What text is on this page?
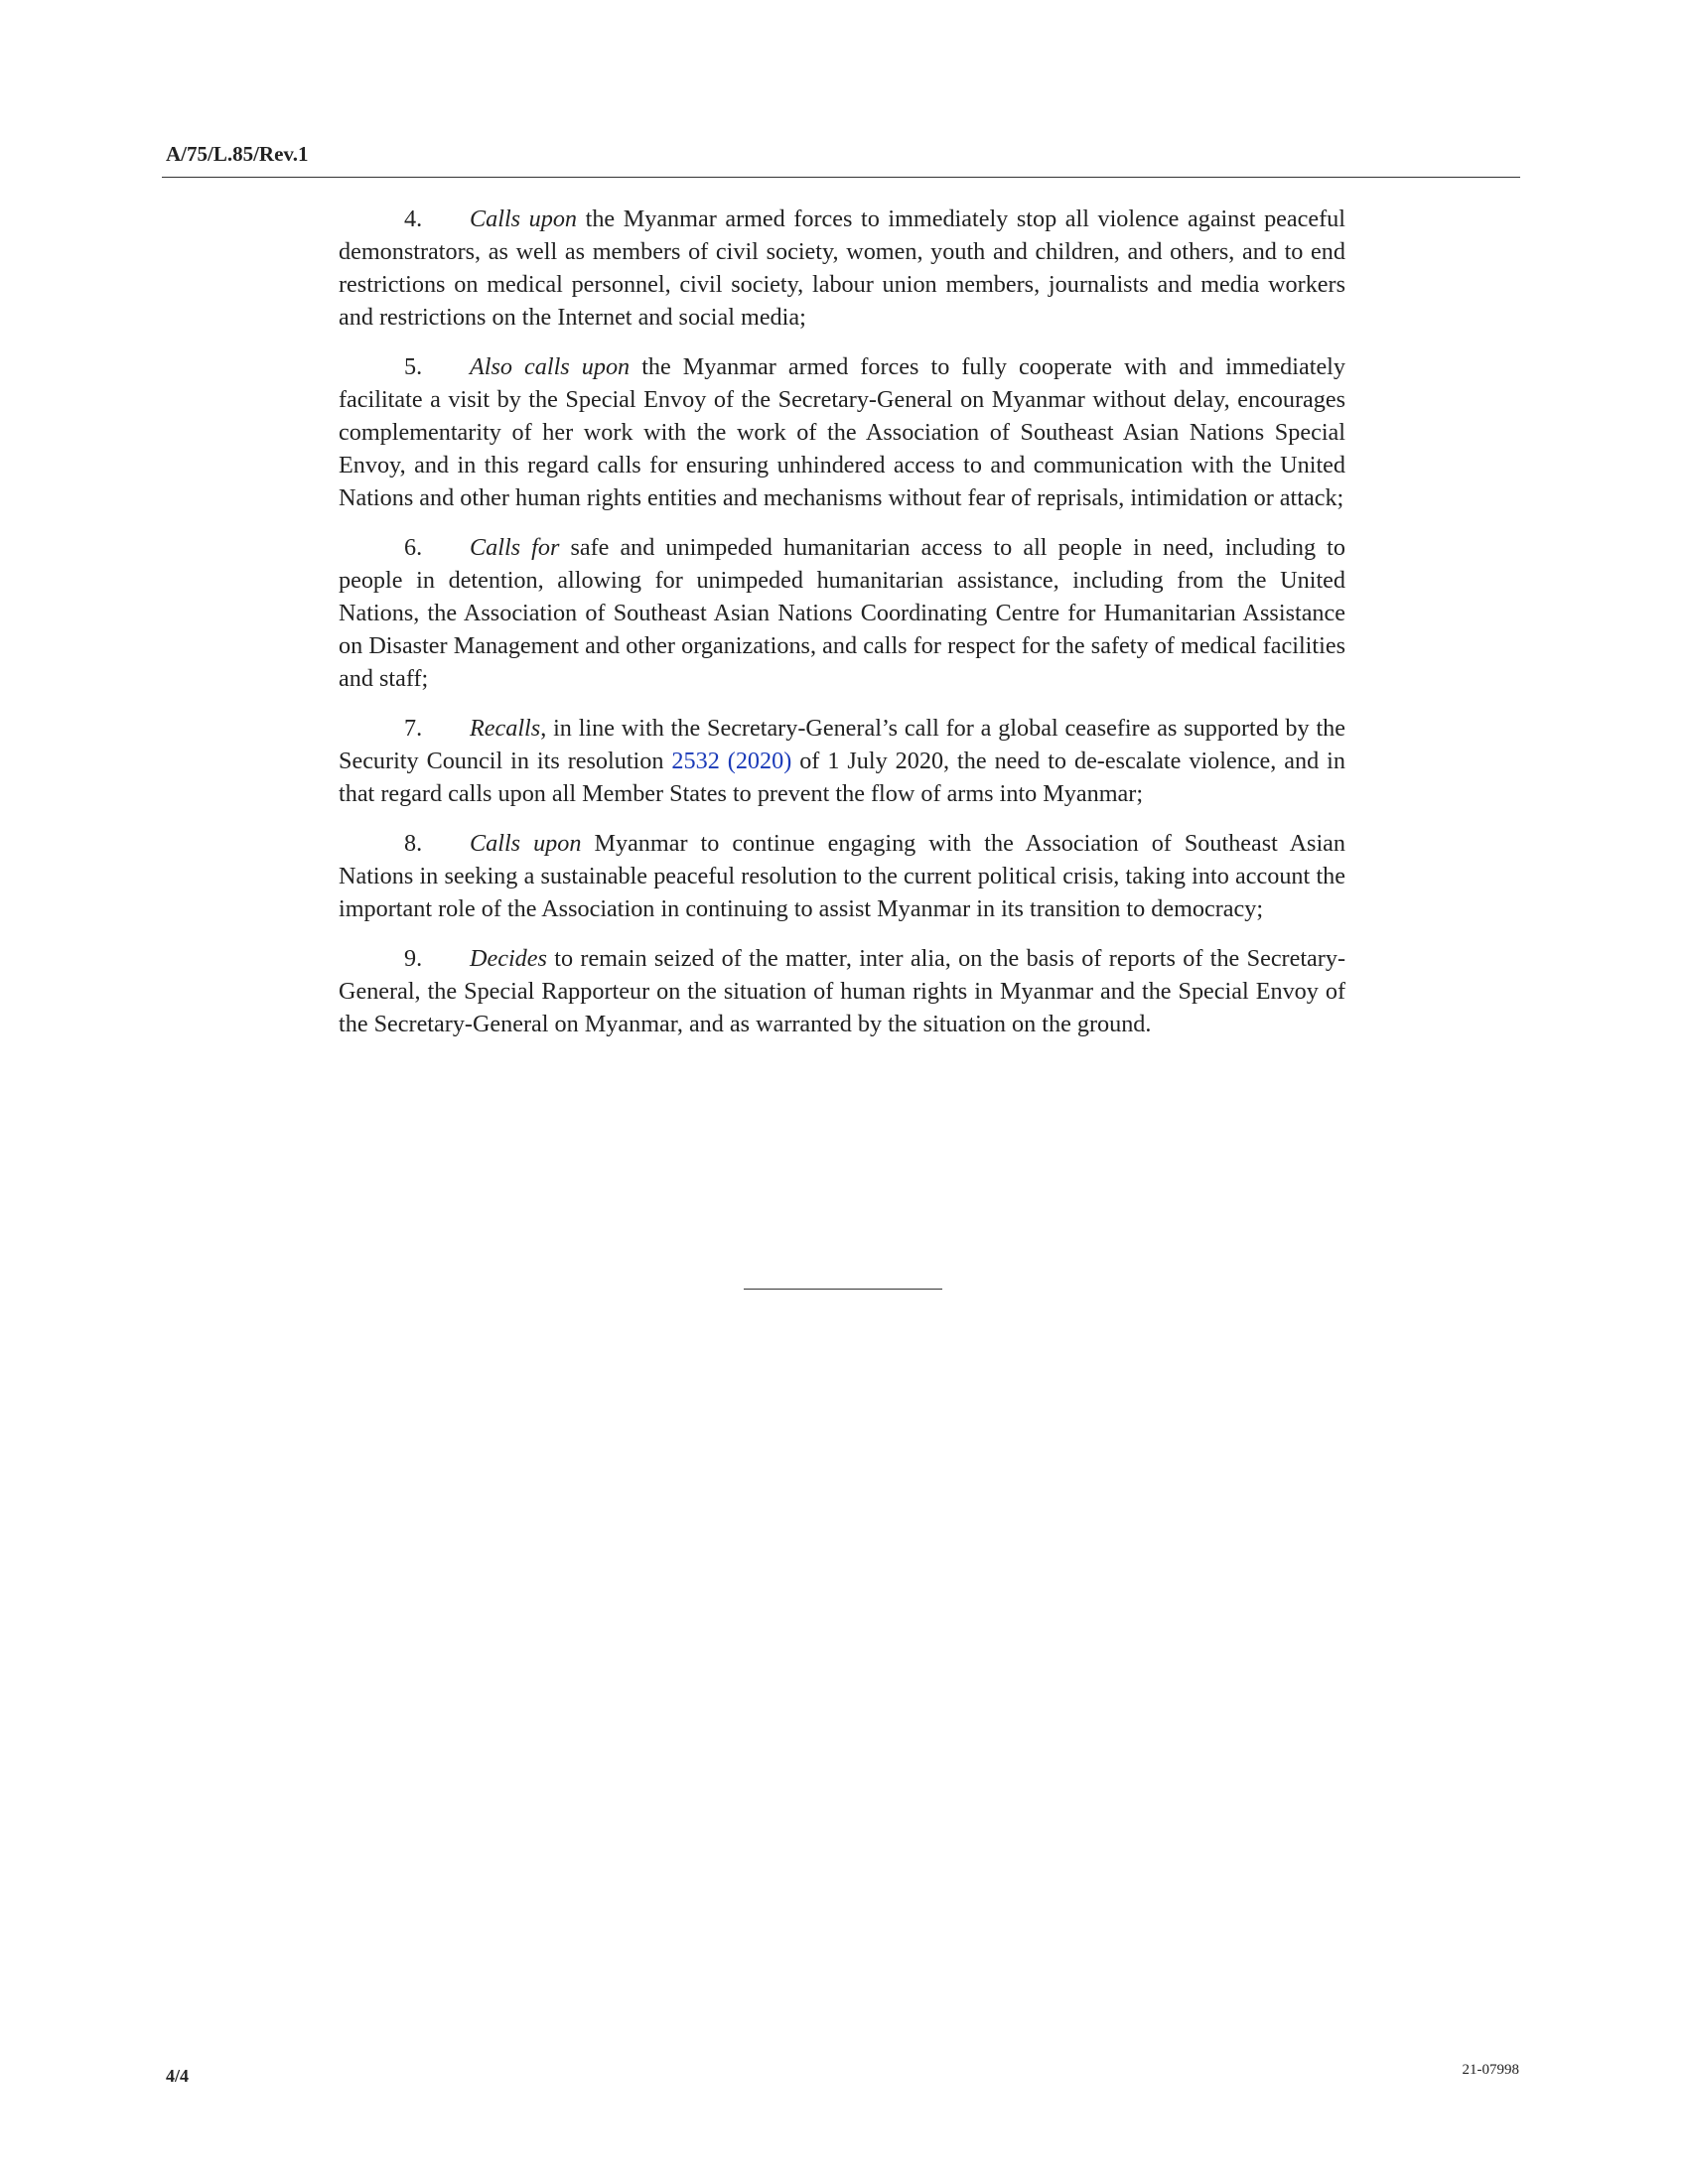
A/75/L.85/Rev.1

4. Calls upon the Myanmar armed forces to immediately stop all violence against peaceful demonstrators, as well as members of civil society, women, youth and children, and others, and to end restrictions on medical personnel, civil society, labour union members, journalists and media workers and restrictions on the Internet and social media;

5. Also calls upon the Myanmar armed forces to fully cooperate with and immediately facilitate a visit by the Special Envoy of the Secretary-General on Myanmar without delay, encourages complementarity of her work with the work of the Association of Southeast Asian Nations Special Envoy, and in this regard calls for ensuring unhindered access to and communication with the United Nations and other human rights entities and mechanisms without fear of reprisals, intimidation or attack;

6. Calls for safe and unimpeded humanitarian access to all people in need, including to people in detention, allowing for unimpeded humanitarian assistance, including from the United Nations, the Association of Southeast Asian Nations Coordinating Centre for Humanitarian Assistance on Disaster Management and other organizations, and calls for respect for the safety of medical facilities and staff;

7. Recalls, in line with the Secretary-General’s call for a global ceasefire as supported by the Security Council in its resolution 2532 (2020) of 1 July 2020, the need to de-escalate violence, and in that regard calls upon all Member States to prevent the flow of arms into Myanmar;

8. Calls upon Myanmar to continue engaging with the Association of Southeast Asian Nations in seeking a sustainable peaceful resolution to the current political crisis, taking into account the important role of the Association in continuing to assist Myanmar in its transition to democracy;

9. Decides to remain seized of the matter, inter alia, on the basis of reports of the Secretary-General, the Special Rapporteur on the situation of human rights in Myanmar and the Special Envoy of the Secretary-General on Myanmar, and as warranted by the situation on the ground.

4/4	21-07998
